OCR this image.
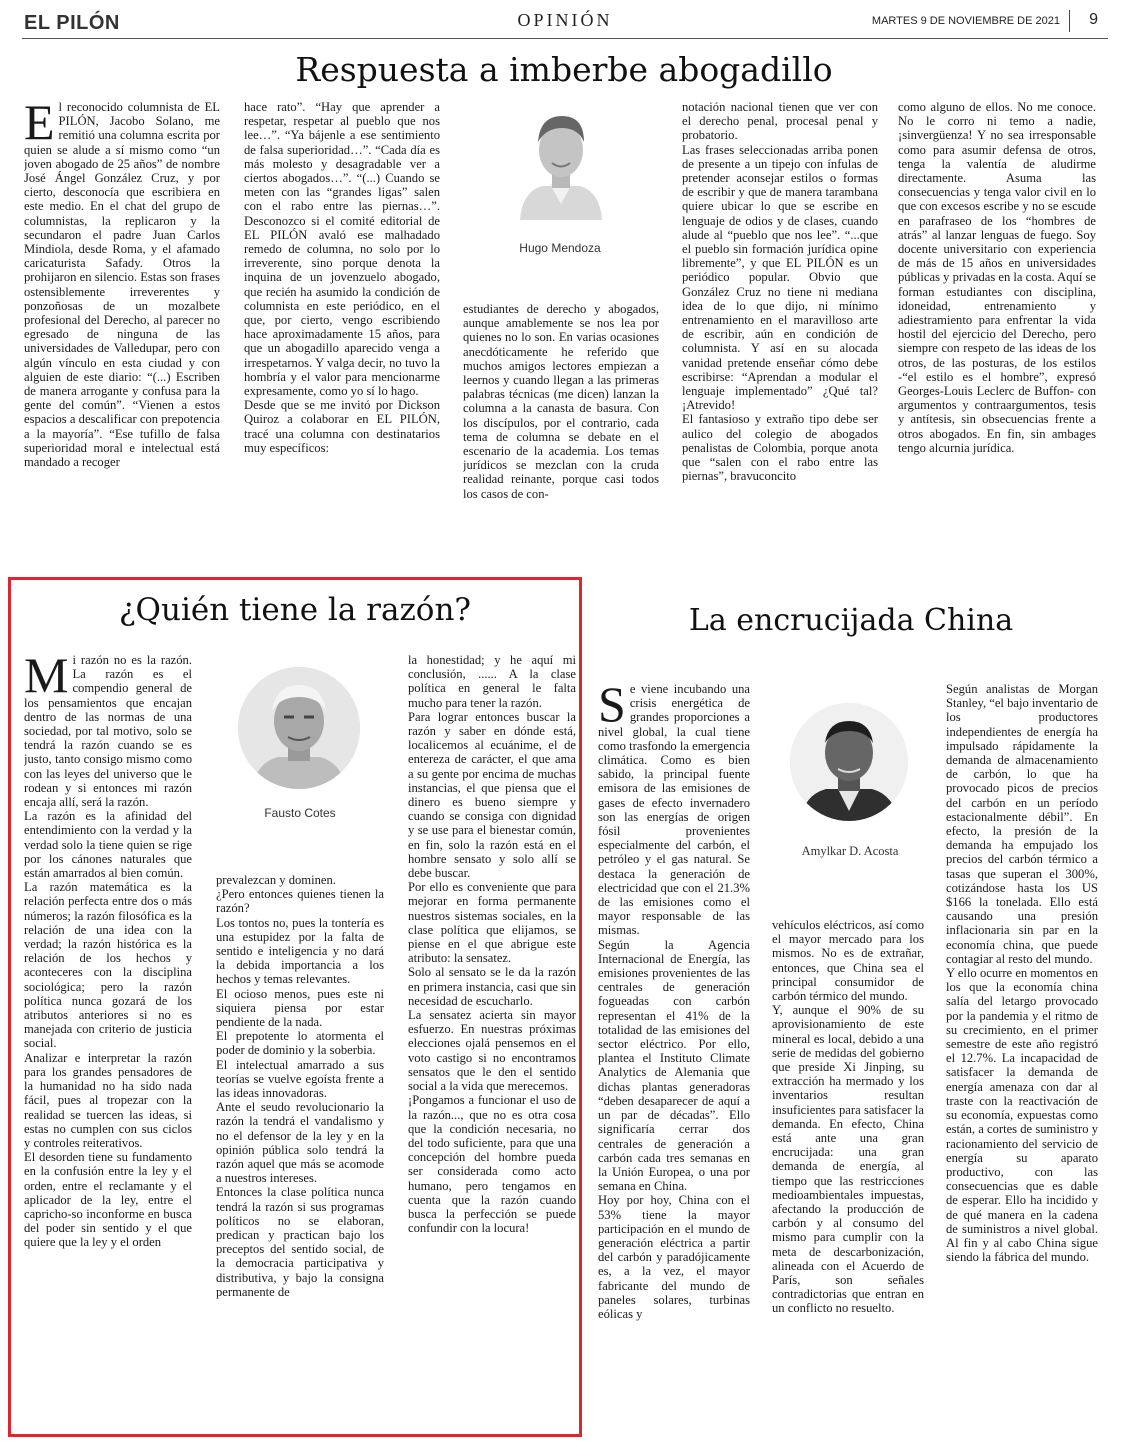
EL PILÓN	OPINIÓN	MARTES 9 DE NOVIEMBRE DE 2021 9
Respuesta a imberbe abogadillo
El reconocido columnista de EL PILÓN, Jacobo Solano, me remitió una columna escrita por quien se alude a sí mismo como “un joven abogado de 25 años” de nombre José Ángel González Cruz, y por cierto, desconocía que escribiera en este medio. En el chat del grupo de columnistas, la replicaron y la secundaron el padre Juan Carlos Mindiola, desde Roma, y el afamado caricaturista Safady. Otros la prohijaron en silencio. Estas son frases ostensiblemente irreverentes y ponzoñosas de un mozalbete profesional del Derecho, al parecer no egresado de ninguna de las universidades de Valledupar, pero con algún vínculo en esta ciudad y con alguien de este diario: “(...) Escriben de manera arrogante y confusa para la gente del común”. “Vienen a estos espacios a descalificar con prepotencia a la mayoría”. “Ese tufillo de falsa superioridad moral e intelectual está mandado a recoger
hace rato”. “Hay que aprender a respetar, respetar al pueblo que nos lee…”. “Ya bájenle a ese sentimiento de falsa superioridad…”. “Cada día es más molesto y desagradable ver a ciertos abogados…”. “(...) Cuando se meten con las “grandes ligas” salen con el rabo entre las piernas…”. Desconozco si el comité editorial de EL PILÓN avaló ese malhadado remedo de columna, no solo por lo irreverente, sino porque denota la inquina de un jovenzuelo abogado, que recién ha asumido la condición de columnista en este periódico, en el que, por cierto, vengo escribiendo hace aproximadamente 15 años, para que un abogadillo aparecido venga a irrespetarnos. Y valga decir, no tuvo la hombría y el valor para mencionarme expresamente, como yo sí lo hago.
Desde que se me invitó por Dickson Quiroz a colaborar en EL PILÓN, tracé una columna con destinatarios muy específicos:
Hugo Mendoza
estudiantes de derecho y abogados, aunque amablemente se nos lea por quienes no lo son. En varias ocasiones anecdóticamente he referido que muchos amigos lectores empiezan a leernos y cuando llegan a las primeras palabras técnicas (me dicen) lanzan la columna a la canasta de basura. Con los discípulos, por el contrario, cada tema de columna se debate en el escenario de la academia. Los temas jurídicos se mezclan con la cruda realidad reinante, porque casi todos los casos de con-
notación nacional tienen que ver con el derecho penal, procesal penal y probatorio.
Las frases seleccionadas arriba ponen de presente a un tipejo con ínfulas de pretender aconsejar estilos o formas de escribir y que de manera tarambana quiere ubicar lo que se escribe en lenguaje de odios y de clases, cuando alude al “pueblo que nos lee”. “...que el pueblo sin formación jurídica opine libremente”, y que EL PILÓN es un periódico popular. Obvio que González Cruz no tiene ni mediana idea de lo que dijo, ni mínimo entrenamiento en el maravilloso arte de escribir, aún en condición de columnista. Y así en su alocada vanidad pretende enseñar cómo debe escribirse: “Aprendan a modular el lenguaje implementado” ¿Qué tal? ¡Atrevido!
El fantasioso y extraño tipo debe ser aulico del colegio de abogados penalistas de Colombia, porque anota que “salen con el rabo entre las piernas”, bravuconcito
como alguno de ellos. No me conoce. No le corro ni temo a nadie, ¡sinvergüenza! Y no sea irresponsable como para asumir defensa de otros, tenga la valentía de aludirme directamente. Asuma las consecuencias y tenga valor civil en lo que con excesos escribe y no se escude en parafraseo de los “hombres de atrás” al lanzar lenguas de fuego. Soy docente universitario con experiencia de más de 15 años en universidades públicas y privadas en la costa. Aquí se forman estudiantes con disciplina, idoneidad, entrenamiento y adiestramiento para enfrentar la vida hostil del ejercicio del Derecho, pero siempre con respeto de las ideas de los otros, de las posturas, de los estilos -“el estilo es el hombre”, expresó Georges-Louis Leclerc de Buffon- con argumentos y contraargumentos, tesis y antítesis, sin obsecuencias frente a otros abogados. En fin, sin ambages tengo alcurnia jurídica.
¿Quién tiene la razón?
Mi razón no es la razón. La razón es el compendio general de los pensamientos que encajan dentro de las normas de una sociedad, por tal motivo, solo se tendrá la razón cuando se es justo, tanto consigo mismo como con las leyes del universo que le rodean y si entonces mi razón encaja allí, será la razón.
La razón es la afinidad del entendimiento con la verdad y la verdad solo la tiene quien se rige por los cánones naturales que están amarrados al bien común.
La razón matemática es la relación perfecta entre dos o más números; la razón filosófica es la relación de una idea con la verdad; la razón histórica es la relación de los hechos y aconteceres con la disciplina sociológica; pero la razón política nunca gozará de los atributos anteriores si no es manejada con criterio de justicia social.
Analizar e interpretar la razón para los grandes pensadores de la humanidad no ha sido nada fácil, pues al tropezar con la realidad se tuercen las ideas, si estas no cumplen con sus ciclos y controles reiterativos.
El desorden tiene su fundamento en la confusión entre la ley y el orden, entre el reclamante y el aplicador de la ley, entre el capricho-so inconforme en busca del poder sin sentido y el que quiere que la ley y el orden
Fausto Cotes
prevalezcan y dominen.
¿Pero entonces quienes tienen la razón?
Los tontos no, pues la tontería es una estupidez por la falta de sentido e inteligencia y no dará la debida importancia a los hechos y temas relevantes.
El ocioso menos, pues este ni siquiera piensa por estar pendiente de la nada.
El prepotente lo atormenta el poder de dominio y la soberbia.
El intelectual amarrado a sus teorías se vuelve egoísta frente a las ideas innovadoras.
Ante el seudo revolucionario la razón la tendrá el vandalismo y no el defensor de la ley y en la opinión pública solo tendrá la razón aquel que más se acomode a nuestros intereses.
Entonces la clase política nunca tendrá la razón si sus programas políticos no se elaboran, predican y practican bajo los preceptos del sentido social, de la democracia participativa y distributiva, y bajo la consigna permanente de
la honestidad; y he aquí mi conclusión, ...... A la clase política en general le falta mucho para tener la razón.
Para lograr entonces buscar la razón y saber en dónde está, localicemos al ecuánime, el de entereza de carácter, el que ama a su gente por encima de muchas instancias, el que piensa que el dinero es bueno siempre y cuando se consiga con dignidad y se use para el bienestar común, en fin, solo la razón está en el hombre sensato y solo allí se debe buscar.
Por ello es conveniente que para mejorar en forma permanente nuestros sistemas sociales, en la clase política que elijamos, se piense en el que abrigue este atributo: la sensatez.
Solo al sensato se le da la razón en primera instancia, casi que sin necesidad de escucharlo.
La sensatez acierta sin mayor esfuerzo. En nuestras próximas elecciones ojalá pensemos en el voto castigo si no encontramos sensatos que le den el sentido social a la vida que merecemos.
¡Pongamos a funcionar el uso de la razón..., que no es otra cosa que la condición necesaria, no del todo suficiente, para que una concepción del hombre pueda ser considerada como acto humano, pero tengamos en cuenta que la razón cuando busca la perfección se puede confundir con la locura!
La encrucijada China
Se viene incubando una crisis energética de grandes proporciones a nivel global, la cual tiene como trasfondo la emergencia climática. Como es bien sabido, la principal fuente emisora de las emisiones de gases de efecto invernadero son las energías de origen fósil provenientes especialmente del carbón, el petróleo y el gas natural. Se destaca la generación de electricidad que con el 21.3% de las emisiones como el mayor responsable de las mismas.
Según la Agencia Internacional de Energía, las emisiones provenientes de las centrales de generación fogueadas con carbón representan el 41% de la totalidad de las emisiones del sector eléctrico. Por ello, plantea el Instituto Climate Analytics de Alemania que dichas plantas generadoras “deben desaparecer de aquí a un par de décadas”. Ello significaría cerrar dos centrales de generación a carbón cada tres semanas en la Unión Europea, o una por semana en China.
Hoy por hoy, China con el 53% tiene la mayor participación en el mundo de generación eléctrica a partir del carbón y paradójicamente es, a la vez, el mayor fabricante del mundo de paneles solares, turbinas eólicas y
Amylkar D. Acosta
vehículos eléctricos, así como el mayor mercado para los mismos. No es de extrañar, entonces, que China sea el principal consumidor de carbón térmico del mundo.
Y, aunque el 90% de su aprovisionamiento de este mineral es local, debido a una serie de medidas del gobierno que preside Xi Jinping, su extracción ha mermado y los inventarios resultan insuficientes para satisfacer la demanda. En efecto, China está ante una gran encrucijada: una gran demanda de energía, al tiempo que las restricciones medioambientales impuestas, afectando la producción de carbón y al consumo del mismo para cumplir con la meta de descarbonización, alineada con el Acuerdo de París, son señales contradictorias que entran en un conflicto no resuelto.
Según analistas de Morgan Stanley, “el bajo inventario de los productores independientes de energía ha impulsado rápidamente la demanda de almacenamiento de carbón, lo que ha provocado picos de precios del carbón en un período estacionalmente débil”. En efecto, la presión de la demanda ha empujado los precios del carbón térmico a tasas que superan el 300%, cotizándose hasta los US $166 la tonelada. Ello está causando una presión inflacionaria sin par en la economía china, que puede contagiar al resto del mundo.
Y ello ocurre en momentos en los que la economía china salía del letargo provocado por la pandemia y el ritmo de su crecimiento, en el primer semestre de este año registró el 12.7%. La incapacidad de satisfacer la demanda de energía amenaza con dar al traste con la reactivación de su economía, expuestas como están, a cortes de suministro y racionamiento del servicio de energía su aparato productivo, con las consecuencias que es dable de esperar. Ello ha incidido y de qué manera en la cadena de suministros a nivel global. Al fin y al cabo China sigue siendo la fábrica del mundo.
